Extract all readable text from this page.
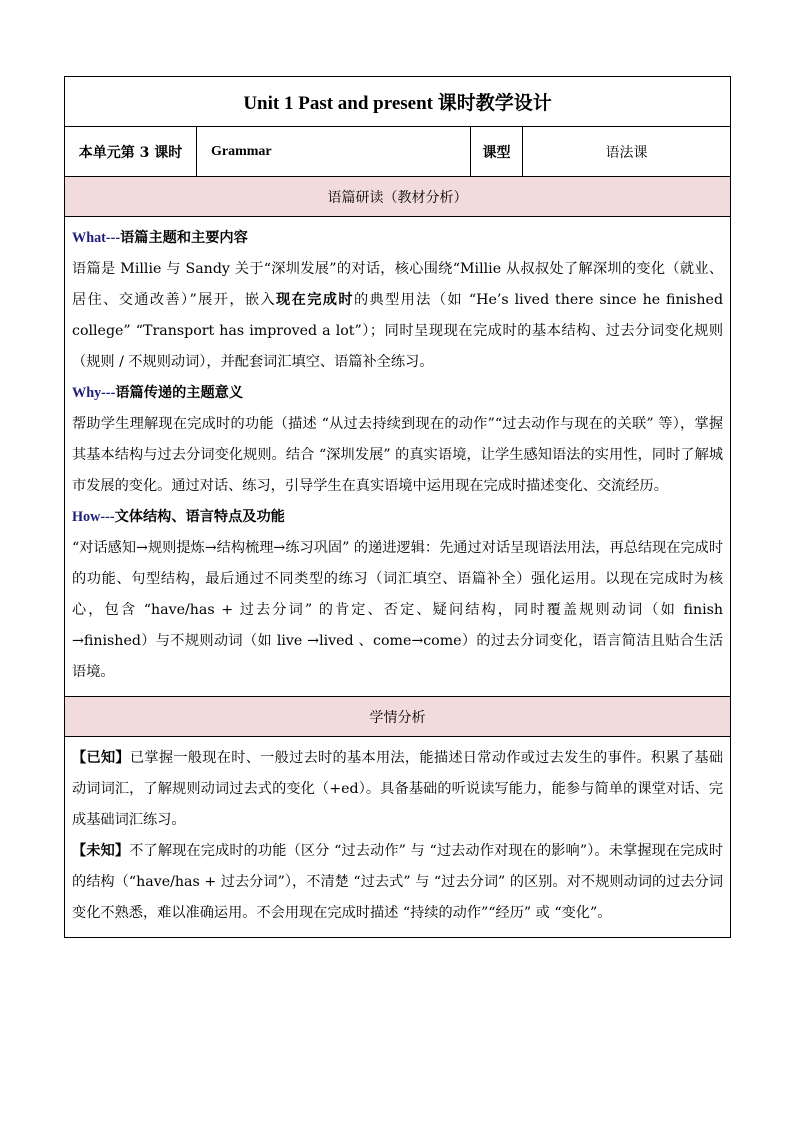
Unit 1 Past and present 课时教学设计
本单元第 3 课时	Grammar	课型	语法课
语篇研读（教材分析）

What---语篇主题和主要内容

语篇是 Millie 与 Sandy 关于“深圳发展”的对话，核心围绕“Millie 从叔叔处了解深圳的变化（就业、居住、交通改善）”展开，嵌入现在完成时的典型用法（如 “He’s lived there since he finished college” “Transport has improved a lot”）；同时呈现现在完成时的基本结构、过去分词变化规则（规则 / 不规则动词），并配套词汇填空、语篇补全练习。

Why---语篇传递的主题意义

帮助学生理解现在完成时的功能（描述 “从过去持续到现在的动作”“过去动作与现在的关联” 等），掌握其基本结构与过去分词变化规则。结合 “深圳发展” 的真实语境，让学生感知语法的实用性，同时了解城市发展的变化。通过对话、练习，引导学生在真实语境中运用现在完成时描述变化、交流经历。

How---文体结构、语言特点及功能

“对话感知→规则提炼→结构梳理→练习巩固” 的递进逻辑：先通过对话呈现语法用法，再总结现在完成时的功能、句型结构，最后通过不同类型的练习（词汇填空、语篇补全）强化运用。以现在完成时为核心，包含 “have/has + 过去分词” 的肯定、否定、疑问结构，同时覆盖规则动词（如 finish →finished）与不规则动词（如 live →lived 、come→come）的过去分词变化，语言简洁且贴合生活语境。

学情分析

【已知】已掌握一般现在时、一般过去时的基本用法，能描述日常动作或过去发生的事件。积累了基础动词词汇，了解规则动词过去式的变化（+ed）。具备基础的听说读写能力，能参与简单的课堂对话、完成基础词汇练习。

【未知】不了解现在完成时的功能（区分 “过去动作” 与 “过去动作对现在的影响”）。未掌握现在完成时的结构（“have/has + 过去分词”），不清楚 “过去式” 与 “过去分词” 的区别。对不规则动词的过去分词变化不熟悉，难以准确运用。不会用现在完成时描述 “持续的动作”“经历” 或 “变化”。
